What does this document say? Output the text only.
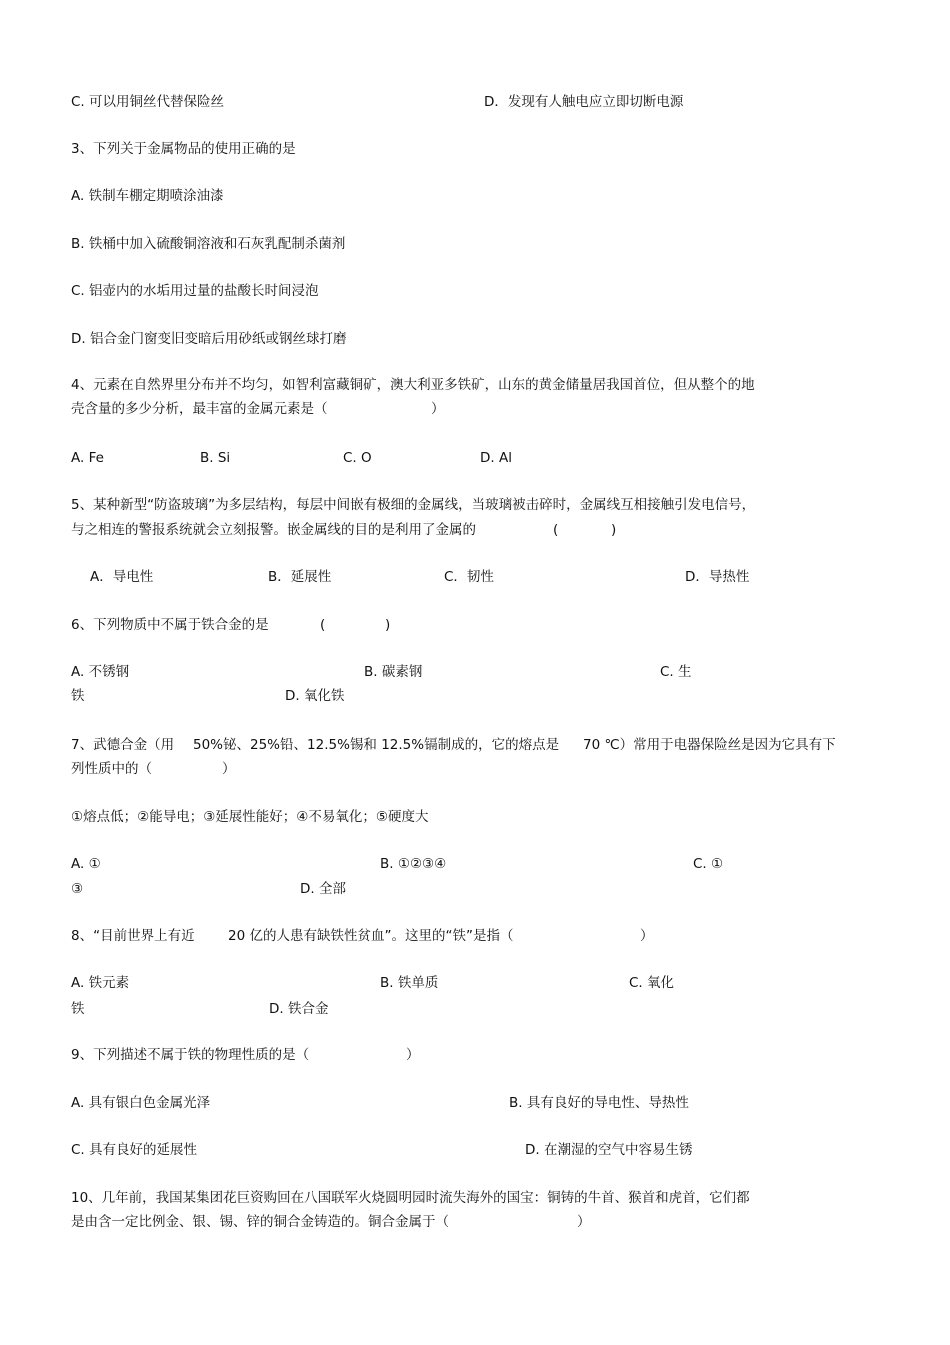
C. 可以用铜丝代替保险丝	D．发现有人触电应立即切断电源
3、下列关于金属物品的使用正确的是
A. 铁制车棚定期喷涂油漆
B. 铁桶中加入硫酸铜溶液和石灰乳配制杀菌剂
C. 铝壶内的水垢用过量的盐酸长时间浸泡
D. 铝合金门窗变旧变暗后用砂纸或钢丝球打磨
4、元素在自然界里分布并不均匀，如智利富藏铜矿，澳大利亚多铁矿，山东的黄金储量居我国首位，但从整个的地
壳含量的多少分析，最丰富的金属元素是（	）
A. Fe	B. Si	C. O	D. Al
5、某种新型“防盗玻璃”为多层结构，每层中间嵌有极细的金属线，当玻璃被击碎时，金属线互相接触引发电信号，
与之相连的警报系统就会立刻报警。嵌金属线的目的是利用了金属的	(	)
A．导电性	B．延展性	C．韧性	D．导热性
6、下列物质中不属于铁合金的是	(	)
A. 不锈钢	B. 碳素钢	C. 生
铁	D. 氧化铁
7、武德合金（用 50%铋、25%铅、12.5%锡和 12.5%镉制成的，它的熔点是 70 ℃）常用于电器保险丝是因为它具有下
列性质中的（	）
①熔点低；②能导电；③延展性能好；④不易氧化；⑤硬度大
A. ①	B. ①②③④	C. ①
③	D. 全部
8、“目前世界上有近 20 亿的人患有缺铁性贫血”。这里的“铁”是指（	）
A. 铁元素	B. 铁单质	C. 氧化
铁	D. 铁合金
9、下列描述不属于铁的物理性质的是（	）
A. 具有银白色金属光泽	B. 具有良好的导电性、导热性
C. 具有良好的延展性	D. 在潮湿的空气中容易生锈
10、几年前，我国某集团花巨资购回在八国联军火烧圆明园时流失海外的国宝：铜铸的牛首、猴首和虎首，它们都
是由含一定比例金、银、锡、锌的铜合金铸造的。铜合金属于（	）
